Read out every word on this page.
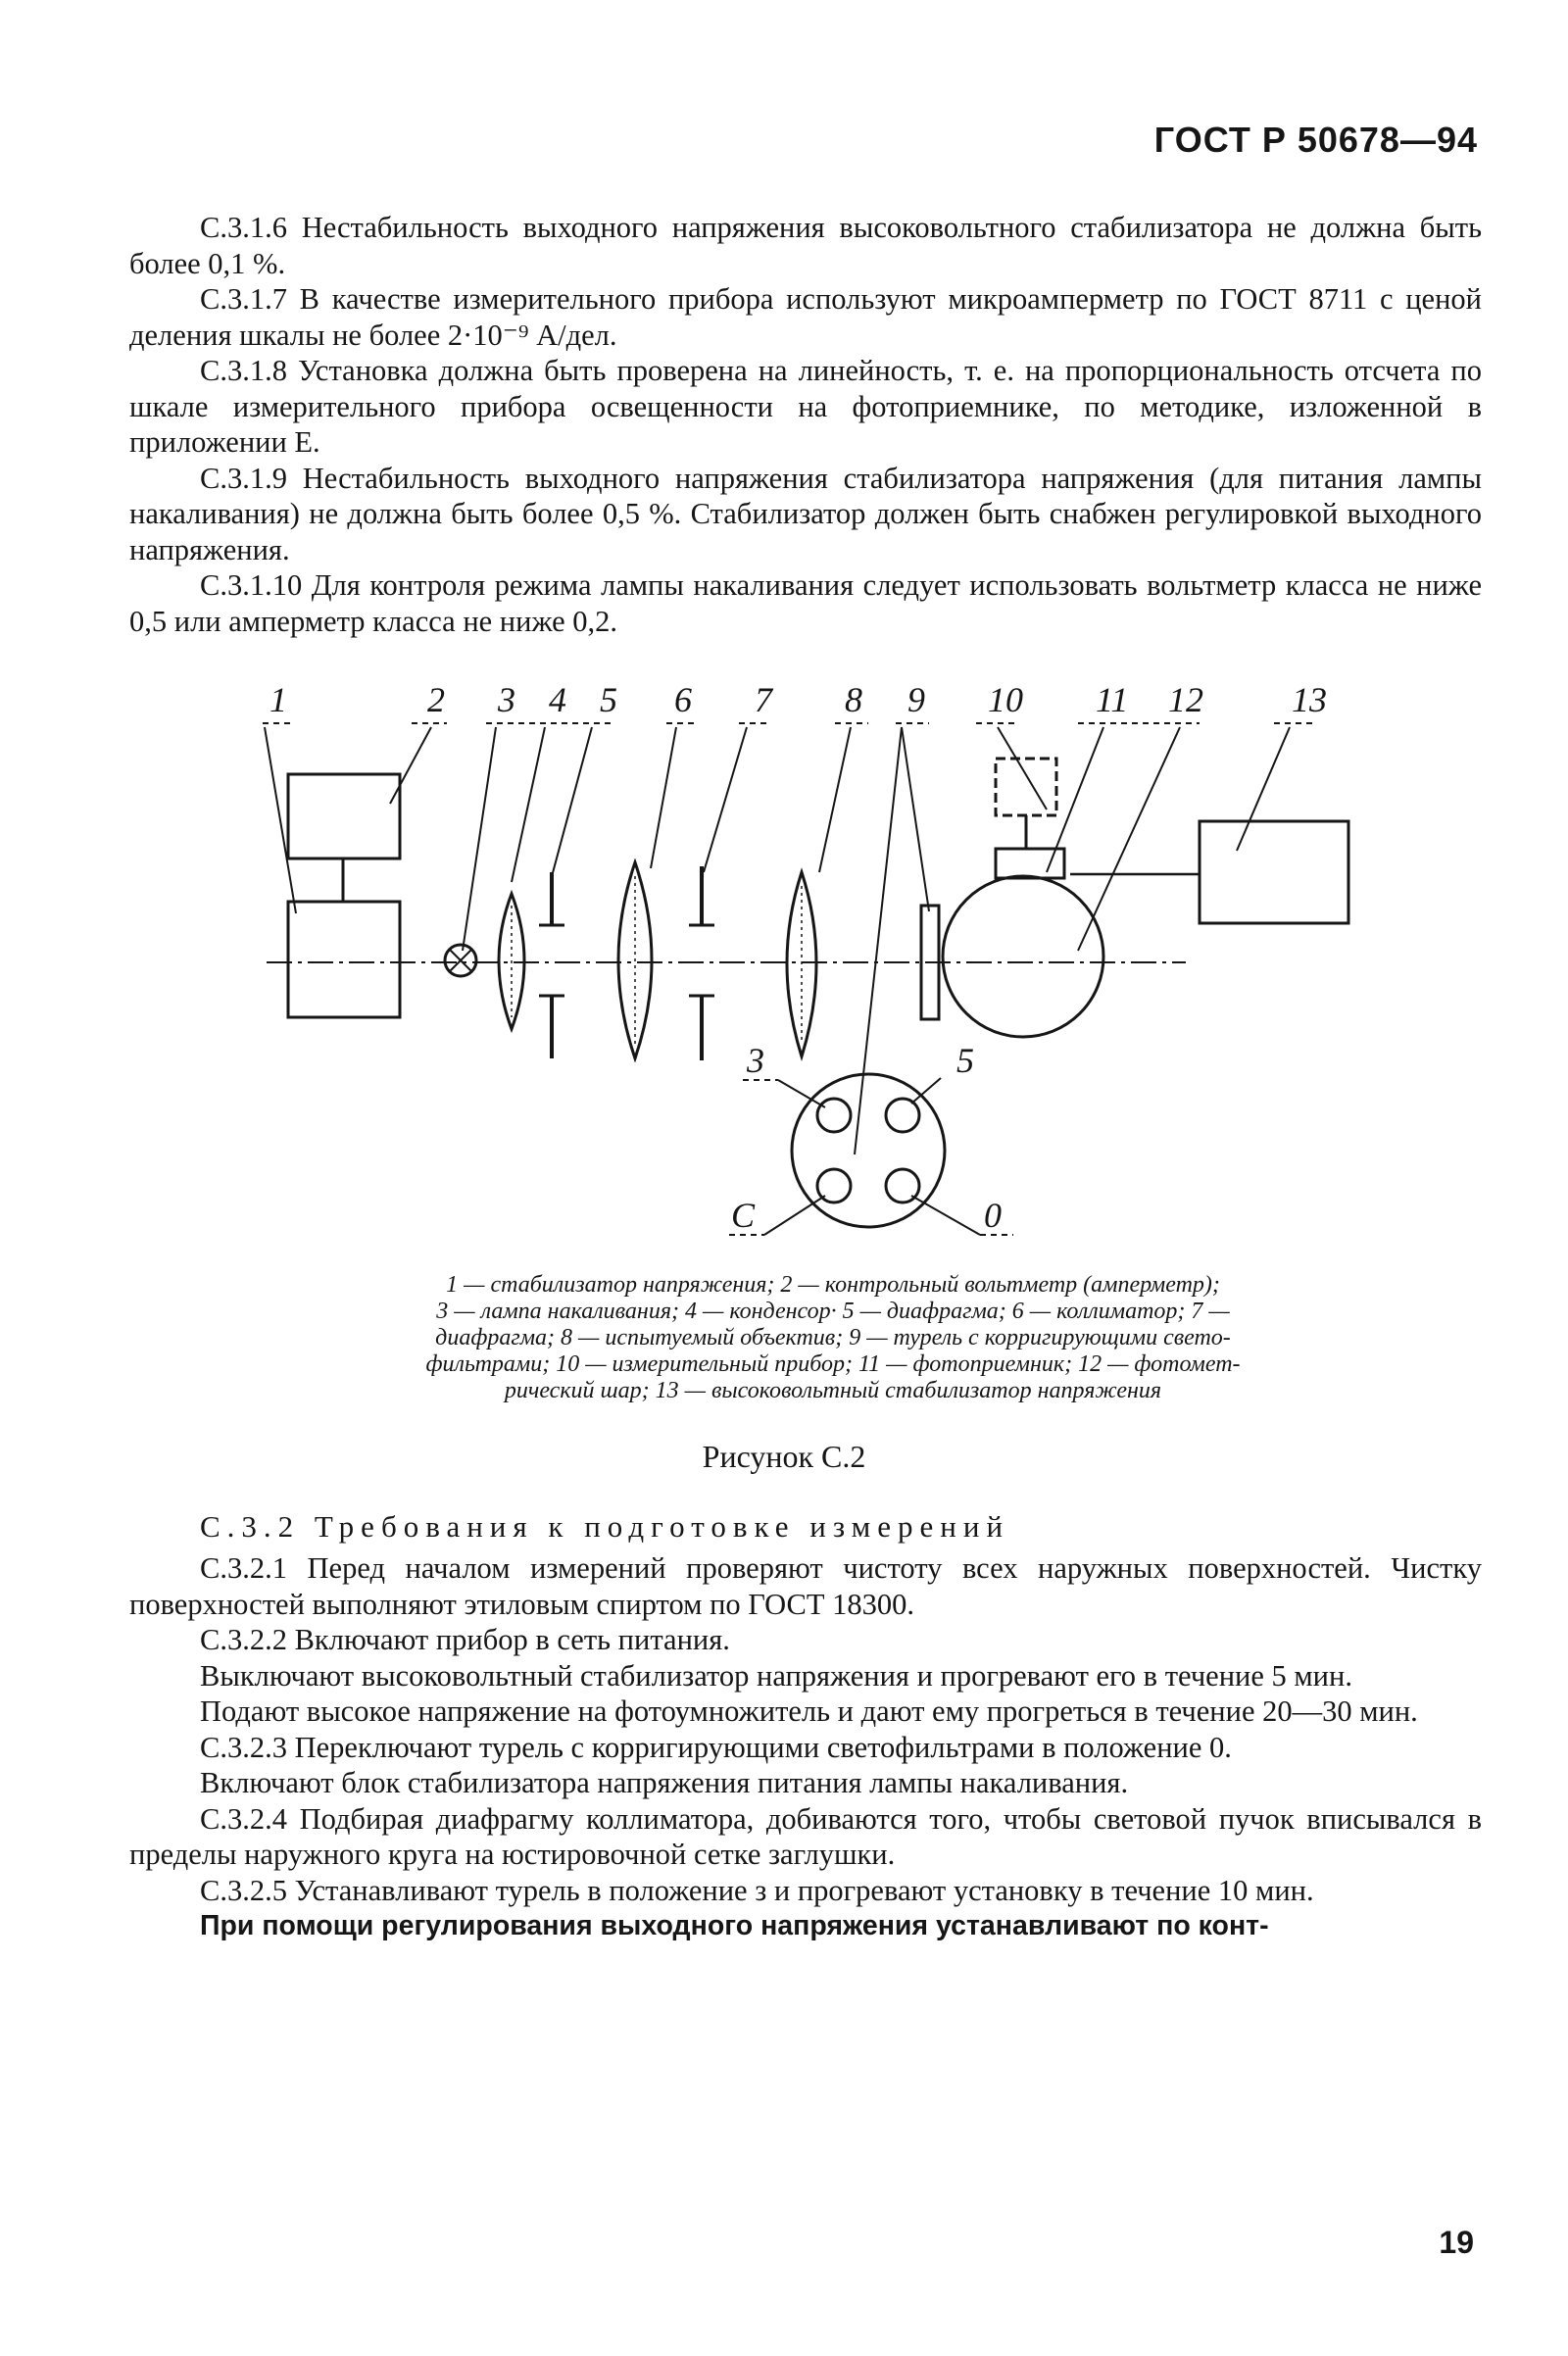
ГОСТ Р 50678—94

С.3.1.6 Нестабильность выходного напряжения высоковольтного стабилизатора не должна быть более 0,1 %.

С.3.1.7 В качестве измерительного прибора используют микроамперметр по ГОСТ 8711 с ценой деления шкалы не более 2·10⁻⁹ А/дел.

С.3.1.8 Установка должна быть проверена на линейность, т. е. на пропорциональность отсчета по шкале измерительного прибора освещенности на фотоприемнике, по методике, изложенной в приложении Е.

С.3.1.9 Нестабильность выходного напряжения стабилизатора напряжения (для питания лампы накаливания) не должна быть более 0,5 %. Стабилизатор должен быть снабжен регулировкой выходного напряжения.

С.3.1.10 Для контроля режима лампы накаливания следует использовать вольтметр класса не ниже 0,5 или амперметр класса не ниже 0,2.

1	2 3 4 5 6 7 8 9 10 11 12	13
3	5
С	0
1 — стабилизатор напряжения; 2 — контрольный вольтметр (амперметр);
3 — лампа накаливания; 4 — конденсор· 5 — диафрагма; 6 — коллиматор; 7 —
диафрагма; 8 — испытуемый объектив; 9 — турель с корригирующими свето-
фильтрами; 10 — измерительный прибор; 11 — фотоприемник; 12 — фотомет-
рический шар; 13 — высоковольтный стабилизатор напряжения
Рисунок С.2
С.3.2 Требования к подготовке измерений

С.3.2.1 Перед началом измерений проверяют чистоту всех наружных поверхностей. Чистку поверхностей выполняют этиловым спиртом по ГОСТ 18300.

С.3.2.2 Включают прибор в сеть питания.

Выключают высоковольтный стабилизатор напряжения и прогревают его в течение 5 мин.

Подают высокое напряжение на фотоумножитель и дают ему прогреться в течение 20—30 мин.

С.3.2.3 Переключают турель с корригирующими светофильтрами в положение 0.

Включают блок стабилизатора напряжения питания лампы накаливания.

С.3.2.4 Подбирая диафрагму коллиматора, добиваются того, чтобы световой пучок вписывался в пределы наружного круга на юстировочной сетке заглушки.

С.3.2.5 Устанавливают турель в положение з и прогревают установку в течение 10 мин.

При помощи регулирования выходного напряжения устанавливают по конт-

19
